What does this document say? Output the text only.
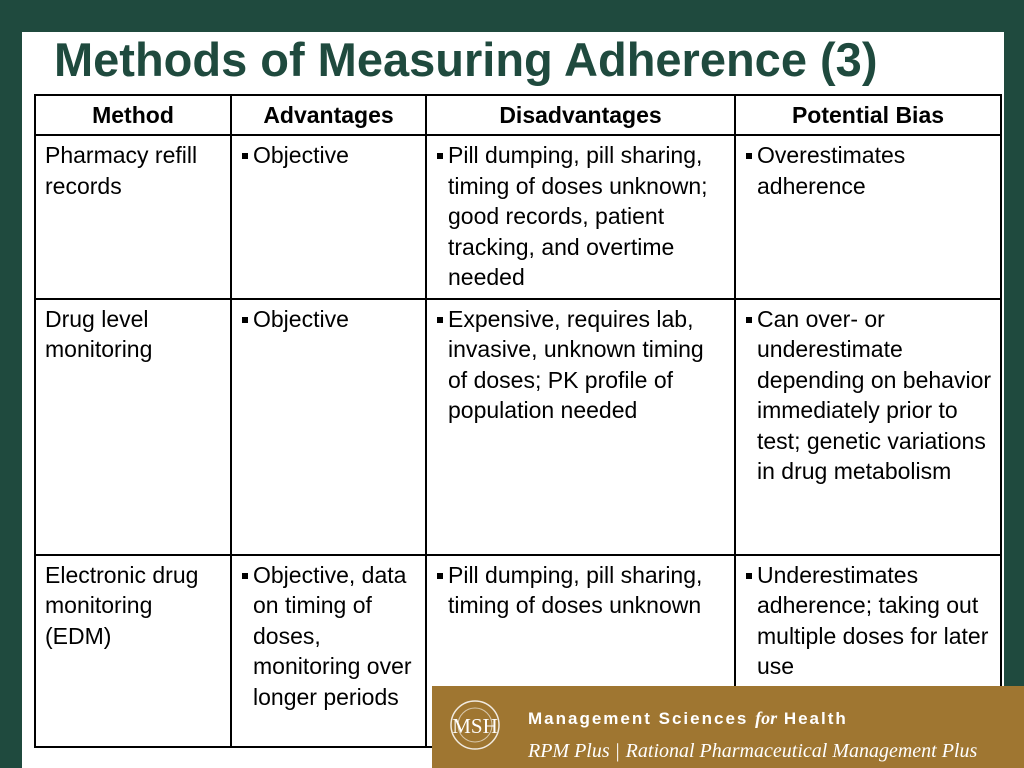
Methods of Measuring Adherence (3)
Method	Advantages	Disadvantages	Potential Bias
Pharmacy refill records	Objective	Pill dumping, pill sharing, timing of doses unknown; good records, patient tracking, and overtime needed	Overestimates adherence

Drug level monitoring	Objective	Expensive, requires lab, invasive, unknown timing of doses; PK profile of population needed	Can over- or underestimate depending on behavior immediately prior to test; genetic variations in drug metabolism

Electronic drug monitoring (EDM)	Objective, data on timing of doses, monitoring over longer periods	Pill dumping, pill sharing, timing of doses unknown	Underestimates adherence; taking out multiple doses for later use
MSH Management Sciences for Health
RPM Plus | Rational Pharmaceutical Management Plus
